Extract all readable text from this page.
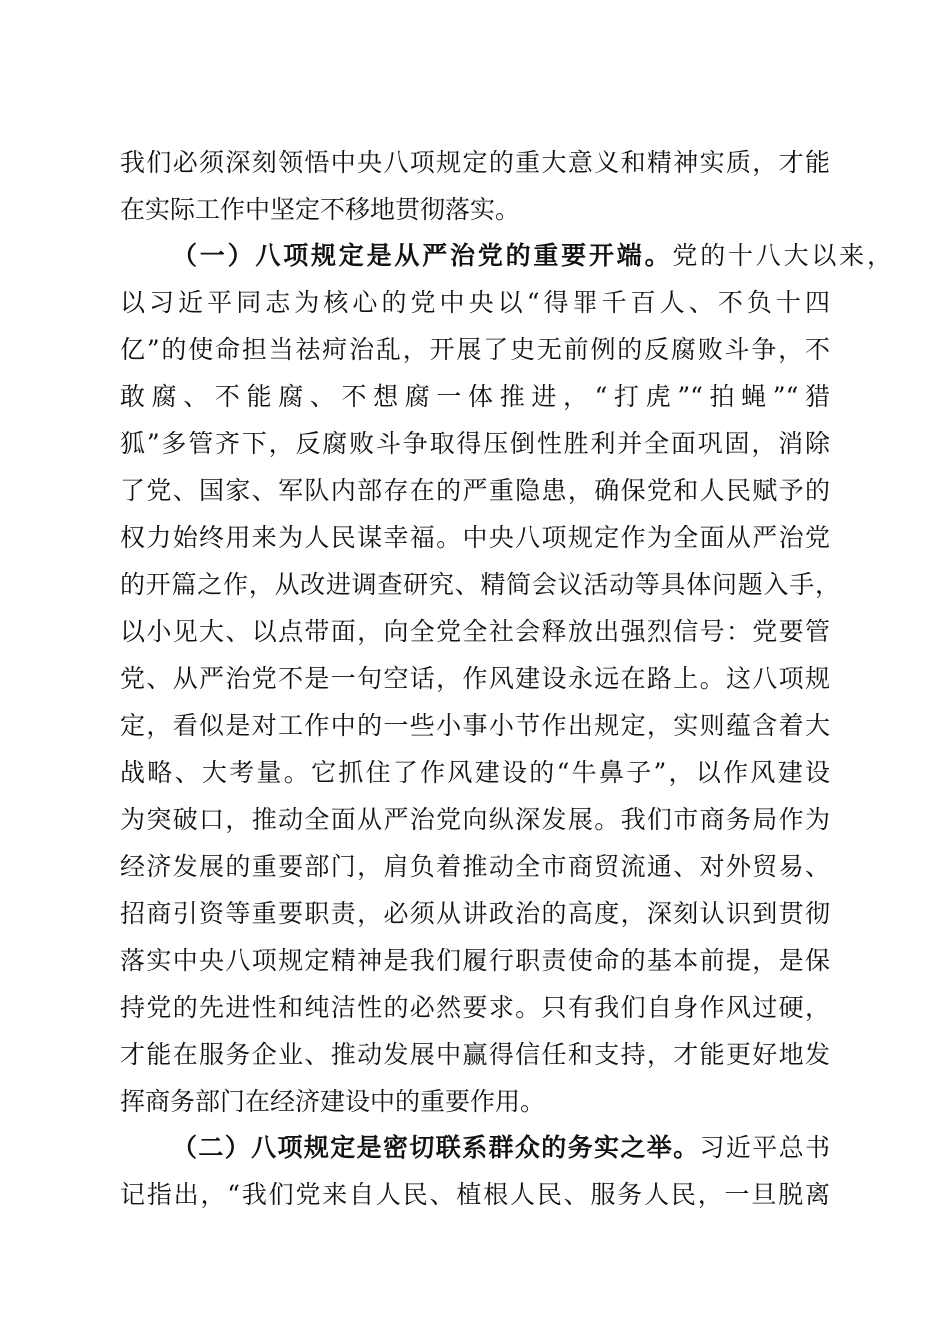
我们必须深刻领悟中央八项规定的重大意义和精神实质，才能
在实际工作中坚定不移地贯彻落实。
（一）八项规定是从严治党的重要开端。党的十八大以来，
以习近平同志为核心的党中央以“得罪千百人、不负十四
亿”的使命担当祛疴治乱，开展了史无前例的反腐败斗争，不
敢腐、不能腐、不想腐一体推进，“打虎”“拍蝇”“猎
狐”多管齐下，反腐败斗争取得压倒性胜利并全面巩固，消除
了党、国家、军队内部存在的严重隐患，确保党和人民赋予的
权力始终用来为人民谋幸福。中央八项规定作为全面从严治党
的开篇之作，从改进调查研究、精简会议活动等具体问题入手，
以小见大、以点带面，向全党全社会释放出强烈信号：党要管
党、从严治党不是一句空话，作风建设永远在路上。这八项规
定，看似是对工作中的一些小事小节作出规定，实则蕴含着大
战略、大考量。它抓住了作风建设的“牛鼻子”，以作风建设
为突破口，推动全面从严治党向纵深发展。我们市商务局作为
经济发展的重要部门，肩负着推动全市商贸流通、对外贸易、
招商引资等重要职责，必须从讲政治的高度，深刻认识到贯彻
落实中央八项规定精神是我们履行职责使命的基本前提，是保
持党的先进性和纯洁性的必然要求。只有我们自身作风过硬，
才能在服务企业、推动发展中赢得信任和支持，才能更好地发
挥商务部门在经济建设中的重要作用。
（二）八项规定是密切联系群众的务实之举。习近平总书
记指出，“我们党来自人民、植根人民、服务人民，一旦脱离
